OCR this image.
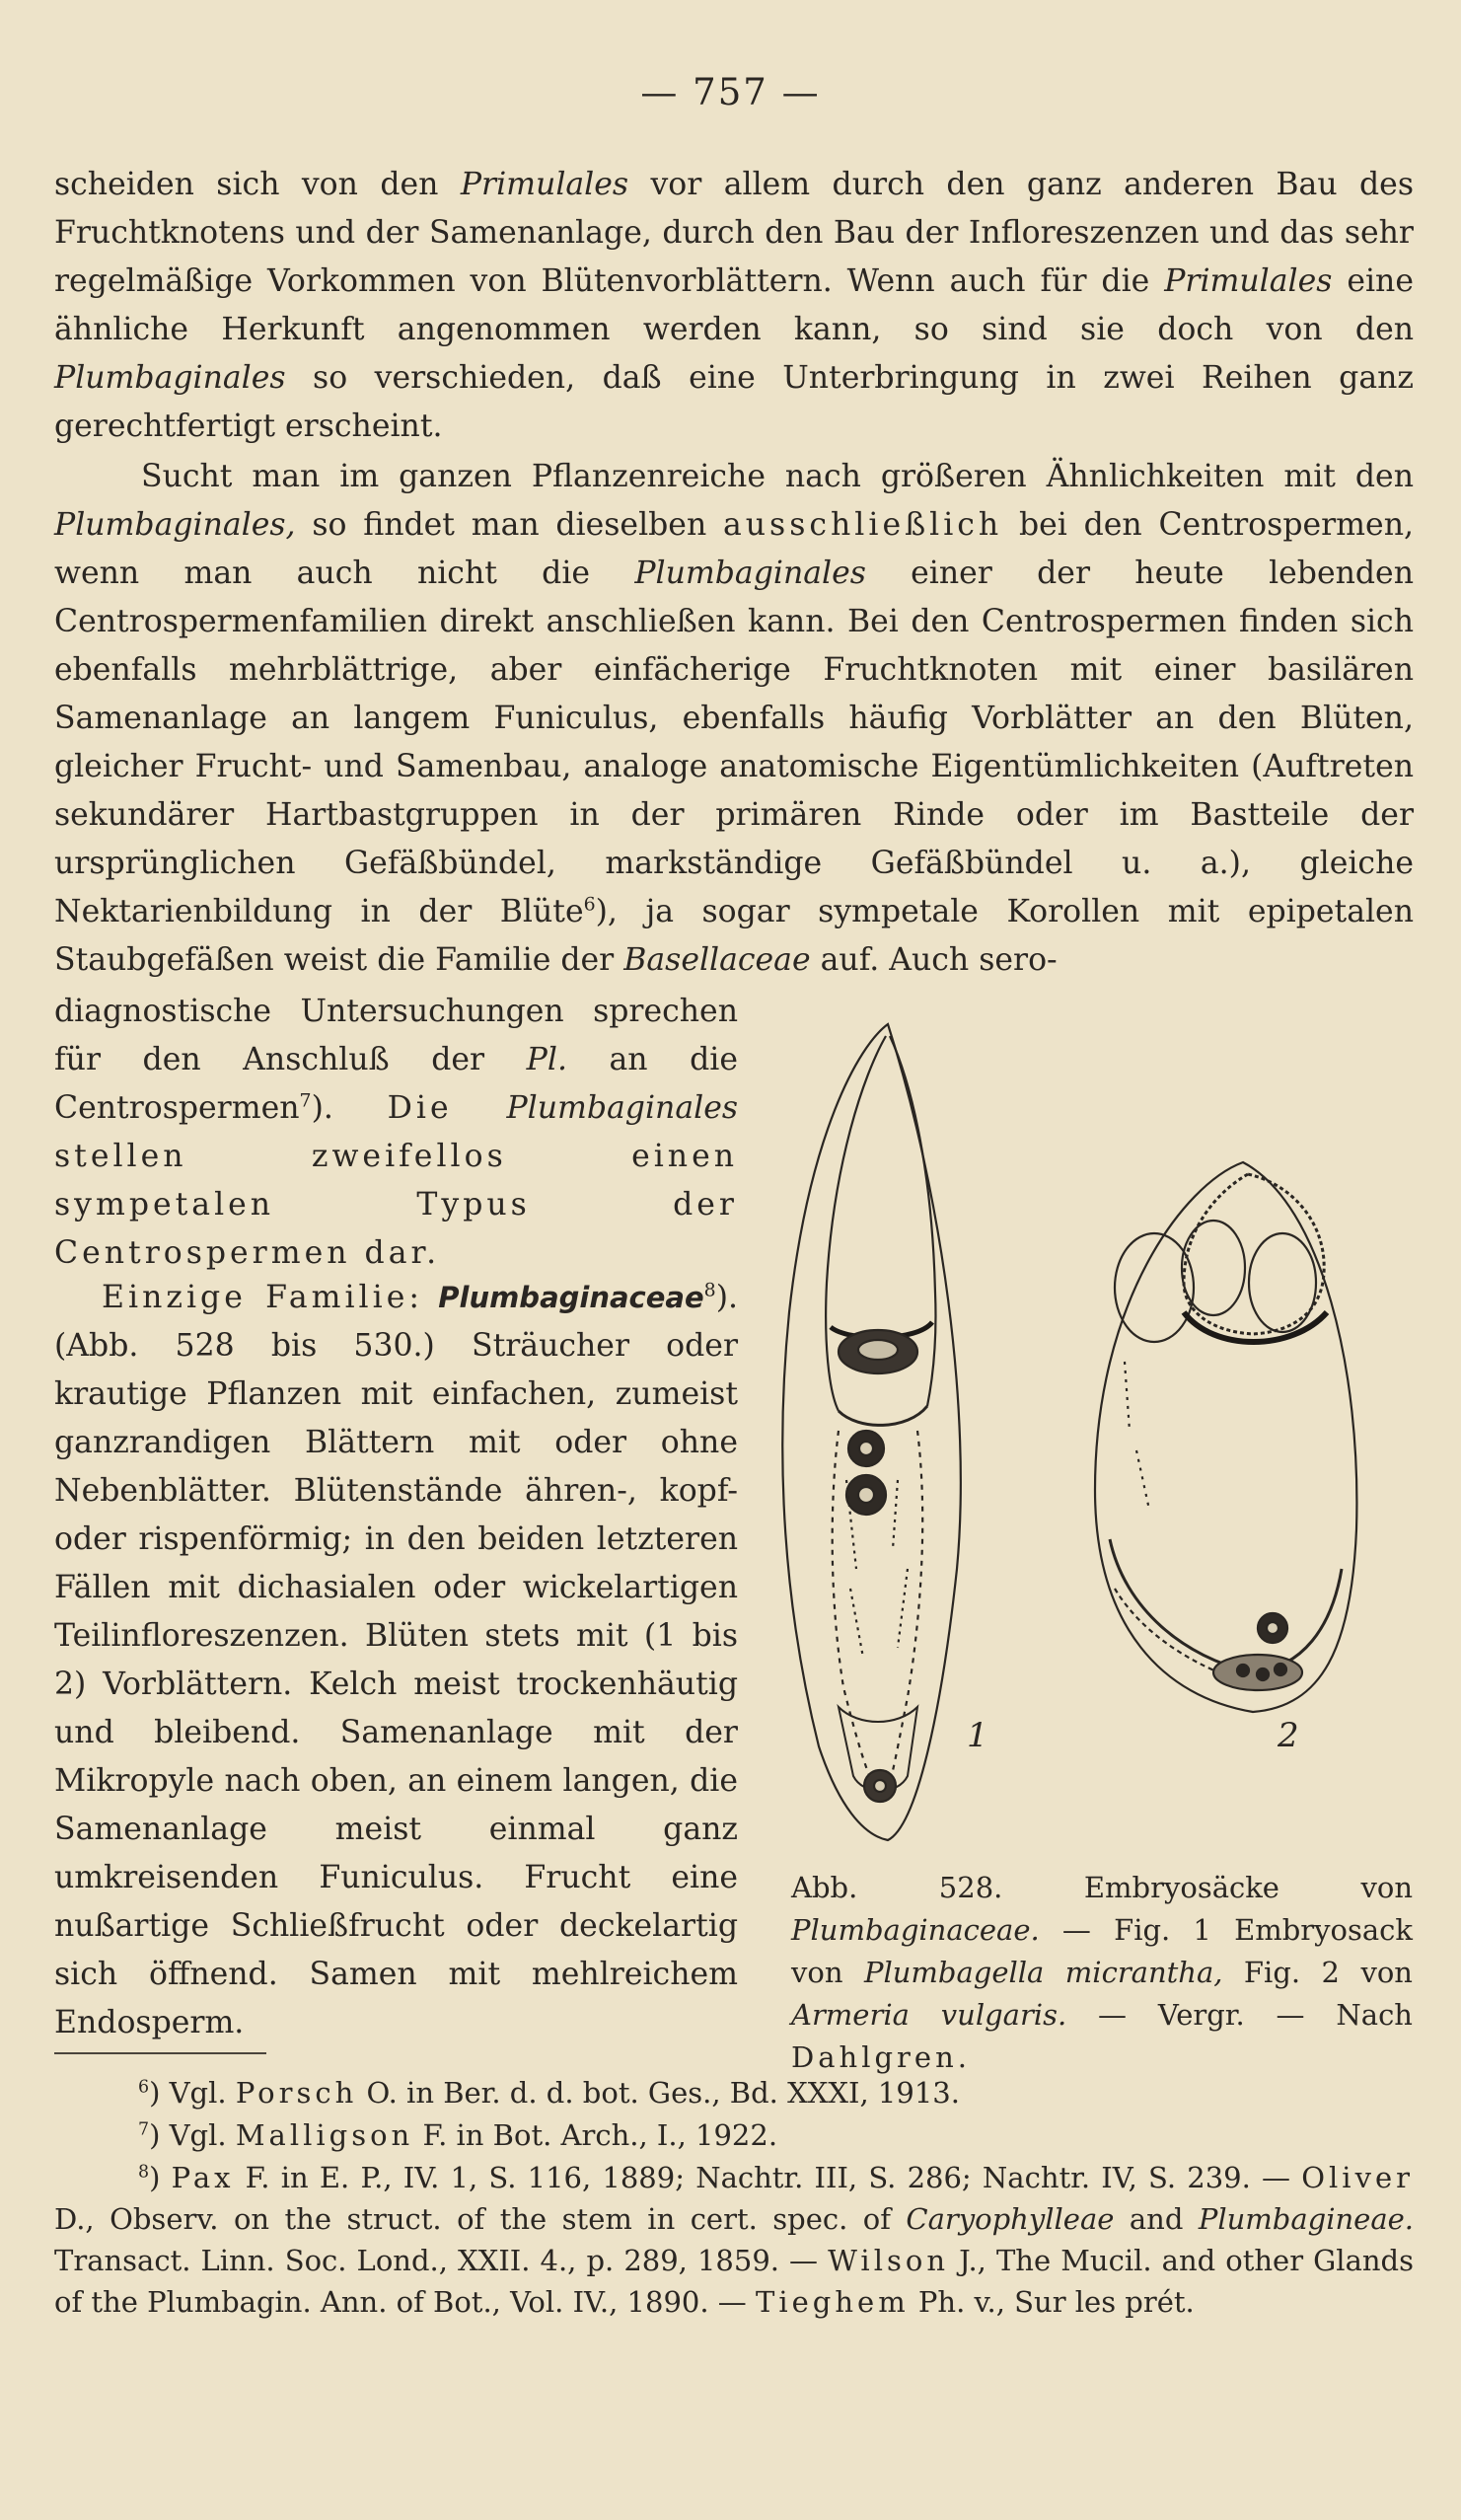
— 757 —

scheiden sich von den Primulales vor allem durch den ganz anderen Bau des Fruchtknotens und der Samenanlage, durch den Bau der Infloreszenzen und das sehr regelmäßige Vorkommen von Blütenvorblättern. Wenn auch für die Primulales eine ähnliche Herkunft angenommen werden kann, so sind sie doch von den Plumbaginales so verschieden, daß eine Unterbringung in zwei Reihen ganz gerechtfertigt erscheint.

Sucht man im ganzen Pflanzenreiche nach größeren Ähnlichkeiten mit den Plumbaginales, so findet man dieselben ausschließlich bei den Centrospermen, wenn man auch nicht die Plumbaginales einer der heute lebenden Centrospermenfamilien direkt anschließen kann. Bei den Centrospermen finden sich ebenfalls mehrblättrige, aber einfächerige Fruchtknoten mit einer basilären Samenanlage an langem Funiculus, ebenfalls häufig Vorblätter an den Blüten, gleicher Frucht- und Samenbau, analoge anatomische Eigentümlichkeiten (Auftreten sekundärer Hartbastgruppen in der primären Rinde oder im Bastteile der ursprünglichen Gefäßbündel, markständige Gefäßbündel u. a.), gleiche Nektarienbildung in der Blüte$^6$), ja sogar sympetale Korollen mit epipetalen Staubgefäßen weist die Familie der Basellaceae auf. Auch sero-

diagnostische Untersuchungen sprechen für den Anschluß der Pl. an die Centrospermen$^7$). Die Plumbaginales stellen zweifellos einen sympetalen Typus der Centrospermen dar.

Einzige Familie: Plumbaginaceae$^8$). (Abb. 528 bis 530.) Sträucher oder krautige Pflanzen mit einfachen, zumeist ganzrandigen Blättern mit oder ohne Nebenblätter. Blütenstände ähren-, kopf- oder rispenförmig; in den beiden letzteren Fällen mit dichasialen oder wickelartigen Teilinfloreszenzen. Blüten stets mit (1 bis 2) Vorblättern. Kelch meist trockenhäutig und bleibend. Samenanlage mit der Mikropyle nach oben, an einem langen, die Samenanlage meist einmal ganz umkreisenden Funiculus. Frucht eine nußartige Schließfrucht oder deckelartig sich öffnend. Samen mit mehlreichem Endosperm.

1	2

Abb. 528. Embryosäcke von Plumbaginaceae. — Fig. 1 Embryosack von Plumbagella micrantha, Fig. 2 von Armeria vulgaris. — Vergr. — Nach Dahlgren.

$^6$) Vgl. Porsch O. in Ber. d. d. bot. Ges., Bd. XXXI, 1913.

$^7$) Vgl. Malligson F. in Bot. Arch., I., 1922.

$^8$) Pax F. in E. P., IV. 1, S. 116, 1889; Nachtr. III, S. 286; Nachtr. IV, S. 239. — Oliver D., Observ. on the struct. of the stem in cert. spec. of Caryophylleae and Plumbagineae. Transact. Linn. Soc. Lond., XXII. 4., p. 289, 1859. — Wilson J., The Mucil. and other Glands of the Plumbagin. Ann. of Bot., Vol. IV., 1890. — Tieghem Ph. v., Sur les prét.
